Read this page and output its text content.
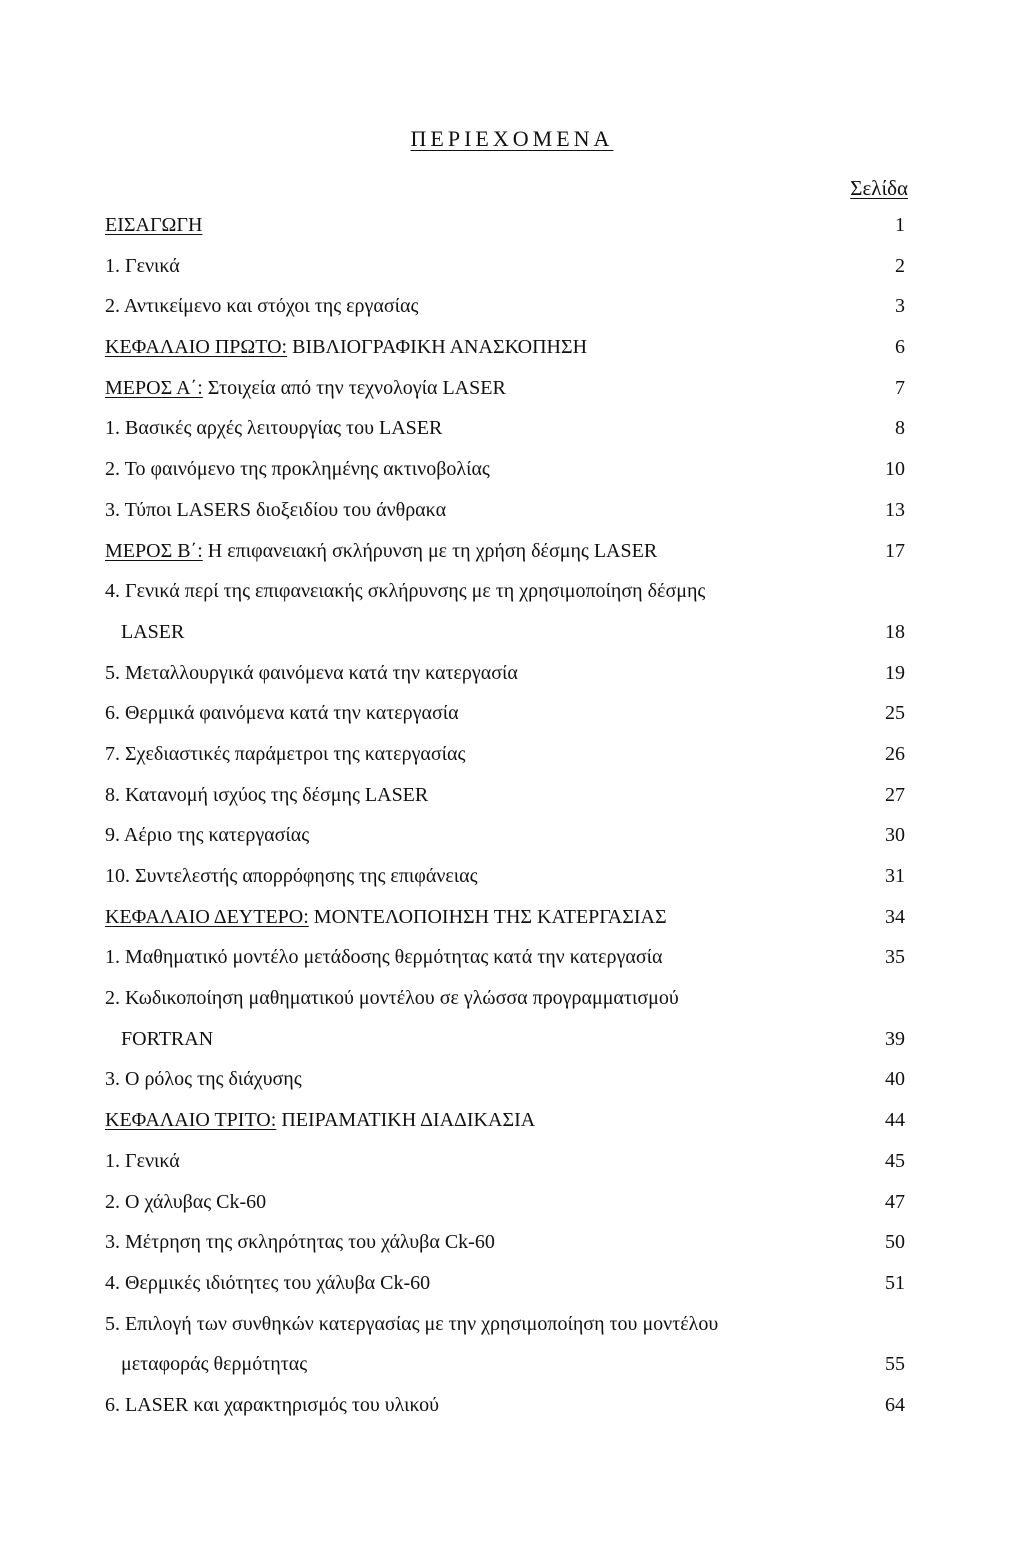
ΠΕΡΙΕΧΟΜΕΝΑ
Σελίδα
ΕΙΣΑΓΩΓΗ	1
1. Γενικά	2
2. Αντικείμενο και στόχοι της εργασίας	3
ΚΕΦΑΛΑΙΟ ΠΡΩΤΟ: ΒΙΒΛΙΟΓΡΑΦΙΚΗ ΑΝΑΣΚΟΠΗΣΗ	6
ΜΕΡΟΣ Α΄: Στοιχεία από την τεχνολογία LASER	7
1. Βασικές αρχές λειτουργίας του LASER	8
2. Το φαινόμενο της προκλημένης ακτινοβολίας	10
3. Τύποι LASERS διοξειδίου του άνθρακα	13
ΜΕΡΟΣ Β΄: Η επιφανειακή σκλήρυνση με τη χρήση δέσμης LASER	17
4. Γενικά περί της επιφανειακής σκλήρυνσης με τη χρησιμοποίηση δέσμης
LASER	18
5. Μεταλλουργικά φαινόμενα κατά την κατεργασία	19
6. Θερμικά φαινόμενα κατά την κατεργασία	25
7. Σχεδιαστικές παράμετροι της κατεργασίας	26
8. Κατανομή ισχύος της δέσμης LASER	27
9. Αέριο της κατεργασίας	30
10. Συντελεστής απορρόφησης της επιφάνειας	31
ΚΕΦΑΛΑΙΟ ΔΕΥΤΕΡΟ: ΜΟΝΤΕΛΟΠΟΙΗΣΗ ΤΗΣ ΚΑΤΕΡΓΑΣΙΑΣ	34
1. Μαθηματικό μοντέλο μετάδοσης θερμότητας κατά την κατεργασία	35
2. Κωδικοποίηση μαθηματικού μοντέλου σε γλώσσα προγραμματισμού
FORTRAN	39
3. Ο ρόλος της διάχυσης	40
ΚΕΦΑΛΑΙΟ ΤΡΙΤΟ: ΠΕΙΡΑΜΑΤΙΚΗ ΔΙΑΔΙΚΑΣΙΑ	44
1. Γενικά	45
2. Ο χάλυβας Ck-60	47
3. Μέτρηση της σκληρότητας του χάλυβα Ck-60	50
4. Θερμικές ιδιότητες του χάλυβα Ck-60	51
5. Επιλογή των συνθηκών κατεργασίας με την χρησιμοποίηση του μοντέλου
μεταφοράς θερμότητας	55
6. LASER και χαρακτηρισμός του υλικού	64
